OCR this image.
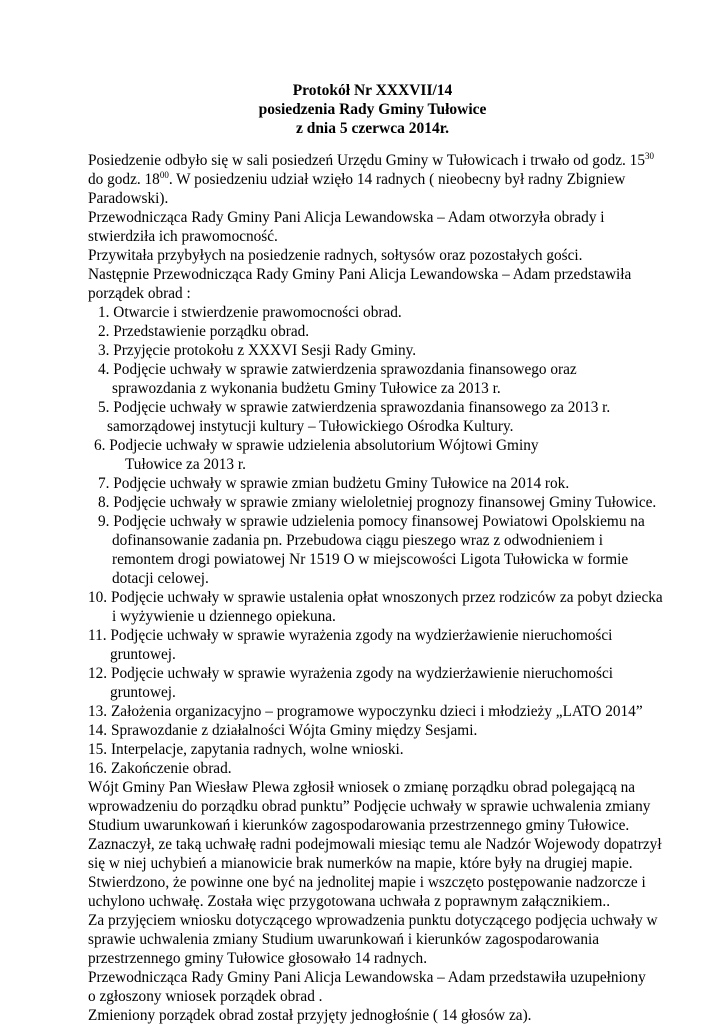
Protokół Nr XXXVII/14
posiedzenia Rady Gminy Tułowice
z dnia 5 czerwca 2014r.
Posiedzenie odbyło się w sali posiedzeń Urzędu Gminy w Tułowicach i trwało od godz. $15^{30}$
do godz. $18^{00}$. W posiedzeniu udział wzięło 14 radnych ( nieobecny był radny Zbigniew
Paradowski).
Przewodnicząca Rady Gminy Pani Alicja Lewandowska – Adam otworzyła obrady i
stwierdziła ich prawomocność.
Przywitała przybyłych na posiedzenie radnych, sołtysów oraz pozostałych gości.
Następnie Przewodnicząca Rady Gminy Pani Alicja Lewandowska – Adam przedstawiła
porządek obrad :
1. Otwarcie i stwierdzenie prawomocności obrad.
2. Przedstawienie porządku obrad.
3. Przyjęcie protokołu z XXXVI Sesji Rady Gminy.
4. Podjęcie uchwały w sprawie zatwierdzenia sprawozdania finansowego oraz
sprawozdania z wykonania budżetu Gminy Tułowice za 2013 r.
5. Podjęcie uchwały w sprawie zatwierdzenia sprawozdania finansowego za 2013 r.
samorządowej instytucji kultury – Tułowickiego Ośrodka Kultury.
6. Podjecie uchwały w sprawie udzielenia absolutorium Wójtowi Gminy
Tułowice za 2013 r.
7. Podjęcie uchwały w sprawie zmian budżetu Gminy Tułowice na 2014 rok.
8. Podjęcie uchwały w sprawie zmiany wieloletniej prognozy finansowej Gminy Tułowice.
9. Podjęcie uchwały w sprawie udzielenia pomocy finansowej Powiatowi Opolskiemu na
dofinansowanie zadania pn. Przebudowa ciągu pieszego wraz z odwodnieniem i
remontem drogi powiatowej Nr 1519 O w miejscowości Ligota Tułowicka w formie
dotacji celowej.
10. Podjęcie uchwały w sprawie ustalenia opłat wnoszonych przez rodziców za pobyt dziecka
i wyżywienie u dziennego opiekuna.
11. Podjęcie uchwały w sprawie wyrażenia zgody na wydzierżawienie nieruchomości
gruntowej.
12. Podjęcie uchwały w sprawie wyrażenia zgody na wydzierżawienie nieruchomości
gruntowej.
13. Założenia organizacyjno – programowe wypoczynku dzieci i młodzieży „LATO 2014”
14. Sprawozdanie z działalności Wójta Gminy między Sesjami.
15. Interpelacje, zapytania radnych, wolne wnioski.
16. Zakończenie obrad.
Wójt Gminy Pan Wiesław Plewa zgłosił wniosek o zmianę porządku obrad polegającą na
wprowadzeniu do porządku obrad punktu” Podjęcie uchwały w sprawie uchwalenia zmiany
Studium uwarunkowań i kierunków zagospodarowania przestrzennego gminy Tułowice.
Zaznaczył, ze taką uchwałę radni podejmowali miesiąc temu ale Nadzór Wojewody dopatrzył
się w niej uchybień a mianowicie brak numerków na mapie, które były na drugiej mapie.
Stwierdzono, że powinne one być na jednolitej mapie i wszczęto postępowanie nadzorcze i
uchylono uchwałę. Została więc przygotowana uchwała z poprawnym załącznikiem..
Za przyjęciem wniosku dotyczącego wprowadzenia punktu dotyczącego podjęcia uchwały w
sprawie uchwalenia zmiany Studium uwarunkowań i kierunków zagospodarowania
przestrzennego gminy Tułowice głosowało 14 radnych.
Przewodnicząca Rady Gminy Pani Alicja Lewandowska – Adam przedstawiła uzupełniony
o zgłoszony wniosek porządek obrad .
Zmieniony porządek obrad został przyjęty jednogłośnie ( 14 głosów za).
